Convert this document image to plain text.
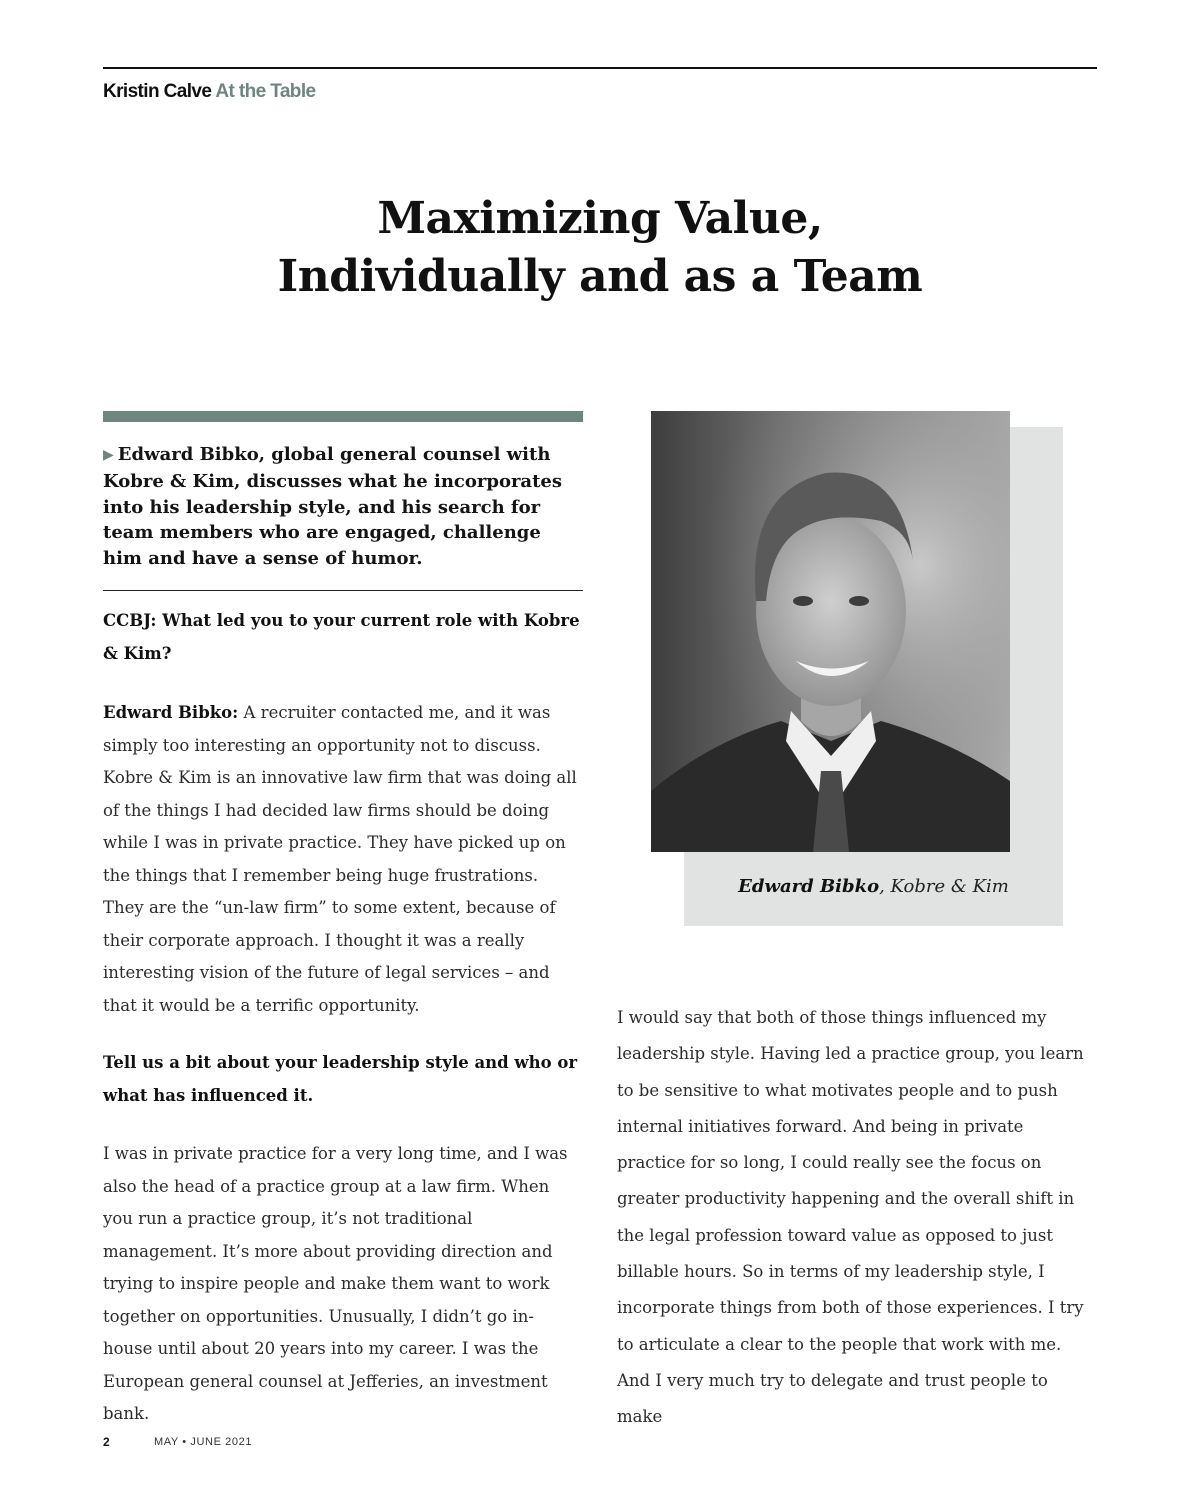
Kristin Calve At the Table
Maximizing Value,
Individually and as a Team

▶ Edward Bibko, global general counsel with Kobre & Kim, discusses what he incorporates into his leadership style, and his search for team members who are engaged, challenge him and have a sense of humor.

CCBJ: What led you to your current role with Kobre & Kim?

Edward Bibko: A recruiter contacted me, and it was simply too interesting an opportunity not to discuss. Kobre & Kim is an innovative law firm that was doing all of the things I had decided law firms should be doing while I was in private practice. They have picked up on the things that I remember being huge frustrations. They are the “un-law firm” to some extent, because of their corporate approach. I thought it was a really interesting vision of the future of legal services – and that it would be a terrific opportunity.

Tell us a bit about your leadership style and who or what has influenced it.

I was in private practice for a very long time, and I was also the head of a practice group at a law firm. When you run a practice group, it’s not traditional management. It’s more about providing direction and trying to inspire people and make them want to work together on opportunities. Unusually, I didn’t go in-house until about 20 years into my career. I was the European general counsel at Jefferies, an investment bank.

Edward Bibko, Kobre & Kim

I would say that both of those things influenced my leadership style. Having led a practice group, you learn to be sensitive to what motivates people and to push internal initiatives forward. And being in private practice for so long, I could really see the focus on greater productivity happening and the overall shift in the legal profession toward value as opposed to just billable hours. So in terms of my leadership style, I incorporate things from both of those experiences. I try to articulate a clear to the people that work with me. And I very much try to delegate and trust people to make

2	MAY • JUNE 2021
